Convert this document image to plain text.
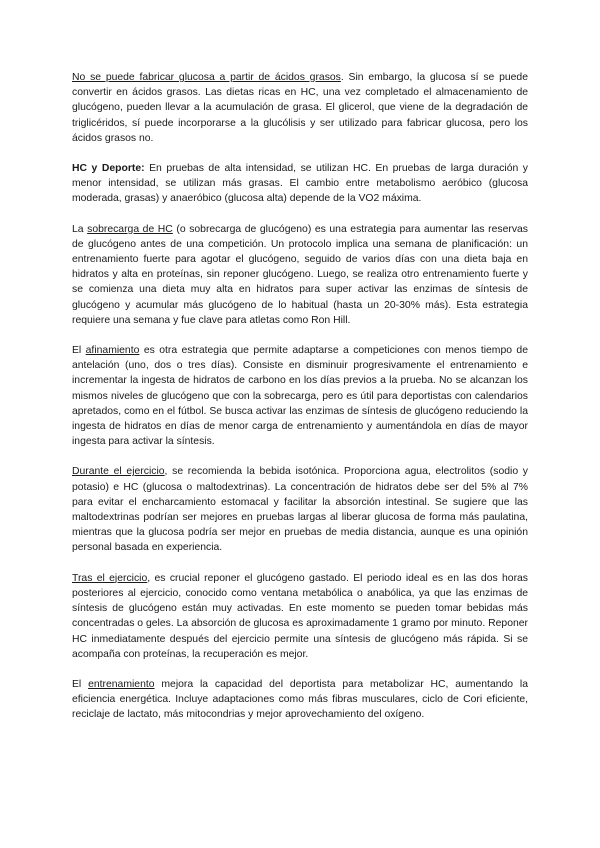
No se puede fabricar glucosa a partir de ácidos grasos. Sin embargo, la glucosa sí se puede convertir en ácidos grasos. Las dietas ricas en HC, una vez completado el almacenamiento de glucógeno, pueden llevar a la acumulación de grasa. El glicerol, que viene de la degradación de triglicéridos, sí puede incorporarse a la glucólisis y ser utilizado para fabricar glucosa, pero los ácidos grasos no.

HC y Deporte: En pruebas de alta intensidad, se utilizan HC. En pruebas de larga duración y menor intensidad, se utilizan más grasas. El cambio entre metabolismo aeróbico (glucosa moderada, grasas) y anaeróbico (glucosa alta) depende de la VO2 máxima.

La sobrecarga de HC (o sobrecarga de glucógeno) es una estrategia para aumentar las reservas de glucógeno antes de una competición. Un protocolo implica una semana de planificación: un entrenamiento fuerte para agotar el glucógeno, seguido de varios días con una dieta baja en hidratos y alta en proteínas, sin reponer glucógeno. Luego, se realiza otro entrenamiento fuerte y se comienza una dieta muy alta en hidratos para super activar las enzimas de síntesis de glucógeno y acumular más glucógeno de lo habitual (hasta un 20-30% más). Esta estrategia requiere una semana y fue clave para atletas como Ron Hill.

El afinamiento es otra estrategia que permite adaptarse a competiciones con menos tiempo de antelación (uno, dos o tres días). Consiste en disminuir progresivamente el entrenamiento e incrementar la ingesta de hidratos de carbono en los días previos a la prueba. No se alcanzan los mismos niveles de glucógeno que con la sobrecarga, pero es útil para deportistas con calendarios apretados, como en el fútbol. Se busca activar las enzimas de síntesis de glucógeno reduciendo la ingesta de hidratos en días de menor carga de entrenamiento y aumentándola en días de mayor ingesta para activar la síntesis.

Durante el ejercicio, se recomienda la bebida isotónica. Proporciona agua, electrolitos (sodio y potasio) e HC (glucosa o maltodextrinas). La concentración de hidratos debe ser del 5% al 7% para evitar el encharcamiento estomacal y facilitar la absorción intestinal. Se sugiere que las maltodextrinas podrían ser mejores en pruebas largas al liberar glucosa de forma más paulatina, mientras que la glucosa podría ser mejor en pruebas de media distancia, aunque es una opinión personal basada en experiencia.

Tras el ejercicio, es crucial reponer el glucógeno gastado. El periodo ideal es en las dos horas posteriores al ejercicio, conocido como ventana metabólica o anabólica, ya que las enzimas de síntesis de glucógeno están muy activadas. En este momento se pueden tomar bebidas más concentradas o geles. La absorción de glucosa es aproximadamente 1 gramo por minuto. Reponer HC inmediatamente después del ejercicio permite una síntesis de glucógeno más rápida. Si se acompaña con proteínas, la recuperación es mejor.

El entrenamiento mejora la capacidad del deportista para metabolizar HC, aumentando la eficiencia energética. Incluye adaptaciones como más fibras musculares, ciclo de Cori eficiente, reciclaje de lactato, más mitocondrias y mejor aprovechamiento del oxígeno.
